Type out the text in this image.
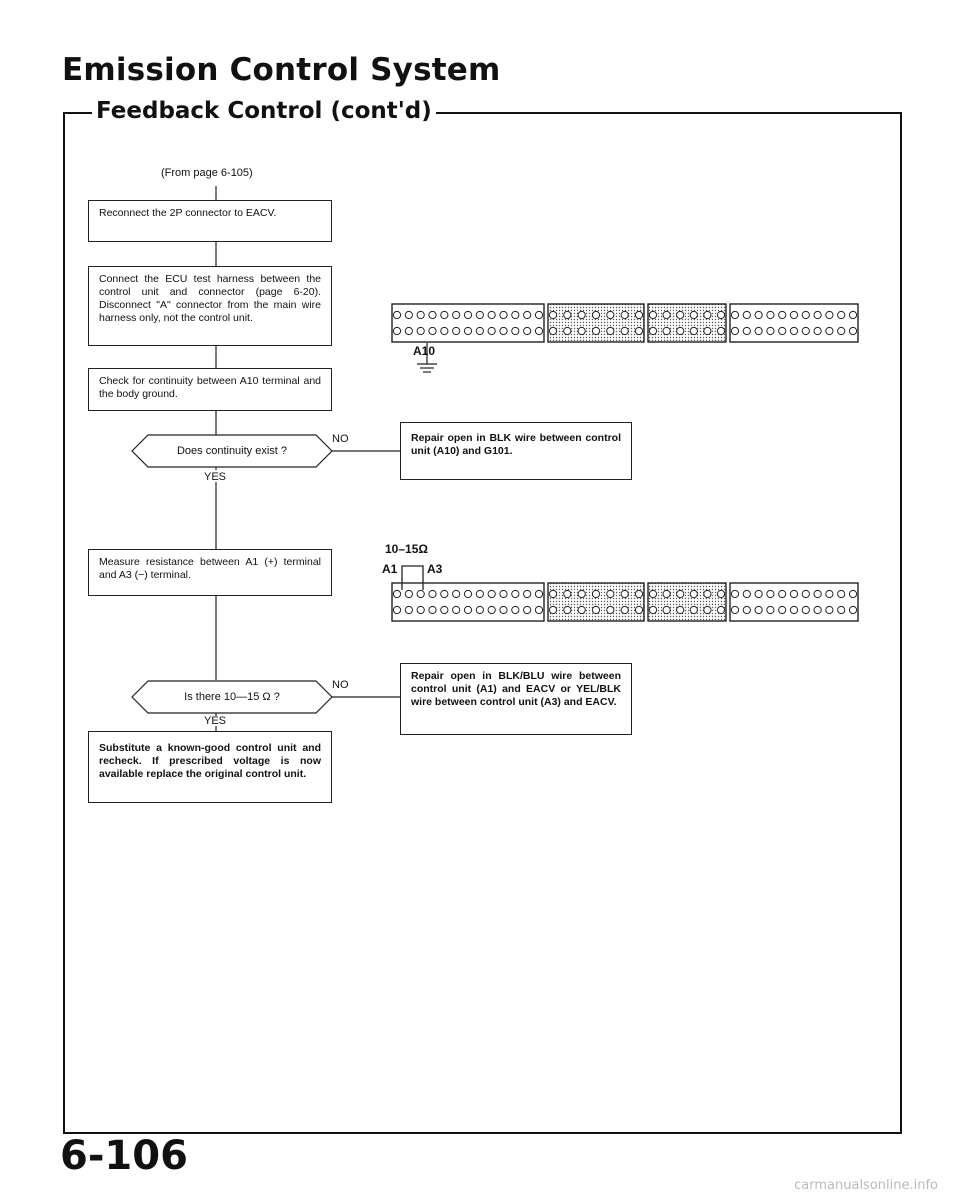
Emission Control System
Feedback Control (cont'd)
(From page 6-105)
Reconnect the 2P connector to EACV.
Connect the ECU test harness between the control unit and connector (page 6-20). Disconnect "A" connector from the main wire harness only, not the control unit.
Check for continuity between A10 terminal and the body ground.
Does continuity exist ?
NO
YES
Repair open in BLK wire between control unit (A10) and G101.
Measure resistance between A1 (+) terminal and A3 (−) terminal.
Is there 10—15 Ω ?
NO
YES
Repair open in BLK/BLU wire between control unit (A1) and EACV or YEL/BLK wire between control unit (A3) and EACV.
Substitute a known-good control unit and recheck. If prescribed voltage is now available replace the original control unit.
A10
10–15Ω
A1 A3
6-106
carmanualsonline.info
